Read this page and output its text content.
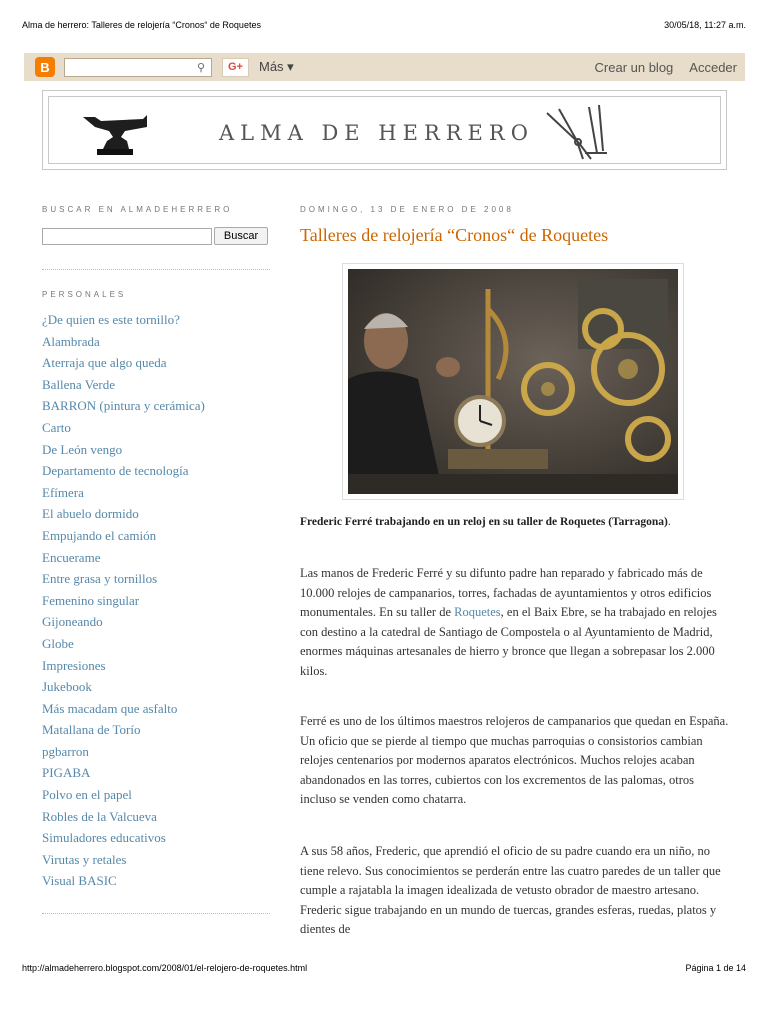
Alma de herrero: Talleres de relojería “Cronos“ de Roquetes	30/05/18, 11:27 a.m.
B	⚲	G+	Más ▾	Crear un blog Acceder
ALMA DE HERRERO
BUSCAR EN ALMADEHERRERO
Buscar
PERSONALES
¿De quien es este tornillo?
Alambrada
Aterraja que algo queda
Ballena Verde
BARRON (pintura y cerámica)
Carto
De León vengo
Departamento de tecnología
Efímera
El abuelo dormido
Empujando el camión
Encuerame
Entre grasa y tornillos
Femenino singular
Gijoneando
Globe
Impresiones
Jukebook
Más macadam que asfalto
Matallana de Torío
pgbarron
PIGABA
Polvo en el papel
Robles de la Valcueva
Simuladores educativos
Virutas y retales
Visual BASIC
DOMINGO, 13 DE ENERO DE 2008
Talleres de relojería “Cronos“ de Roquetes
Frederic Ferré trabajando en un reloj en su taller de Roquetes (Tarragona).

Las manos de Frederic Ferré y su difunto padre han reparado y fabricado más de 10.000 relojes de campanarios, torres, fachadas de ayuntamientos y otros edificios monumentales. En su taller de Roquetes, en el Baix Ebre, se ha trabajado en relojes con destino a la catedral de Santiago de Compostela o al Ayuntamiento de Madrid, enormes máquinas artesanales de hierro y bronce que llegan a sobrepasar los 2.000 kilos.

Ferré es uno de los últimos maestros relojeros de campanarios que quedan en España. Un oficio que se pierde al tiempo que muchas parroquias o consistorios cambian relojes centenarios por modernos aparatos electrónicos. Muchos relojes acaban abandonados en las torres, cubiertos con los excrementos de las palomas, otros incluso se venden como chatarra.

A sus 58 años, Frederic, que aprendió el oficio de su padre cuando era un niño, no tiene relevo. Sus conocimientos se perderán entre las cuatro paredes de un taller que cumple a rajatabla la imagen idealizada de vetusto obrador de maestro artesano. Frederic sigue trabajando en un mundo de tuercas, grandes esferas, ruedas, platos y dientes de

http://almadeherrero.blogspot.com/2008/01/el-relojero-de-roquetes.html	Página 1 de 14
